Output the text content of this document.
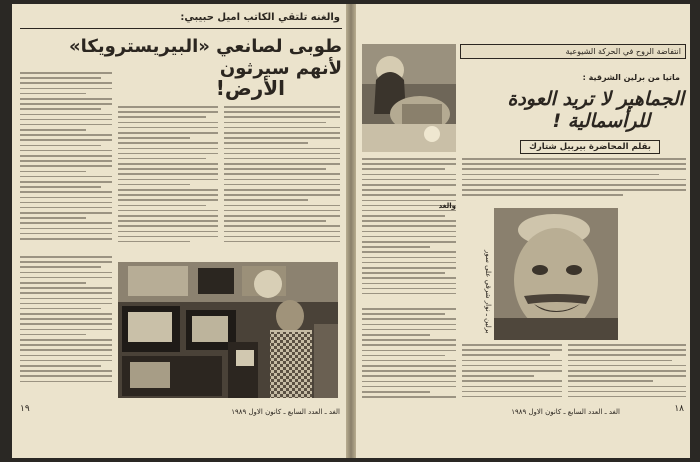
والغنه تلتقي الكاتب اميل حبيبي:
طوبى لصانعي «البيريسترويكا» لأنهم سيرثون
الأرض!
الغد ـ العدد السابع ـ كانون الاول ١٩٨٩
١٩
انتفاضة الروح في الحركة الشيوعية
ماتيا من برلين الشرقية :
الجماهير لا تريد العودة
للرأسمالية !
بقلم المحاضرة بيربيل شتارك
والغد
برلين ـ نوار شرقي على سور
الغد ـ العدد السابع ـ كانون الاول ١٩٨٩	١٨
